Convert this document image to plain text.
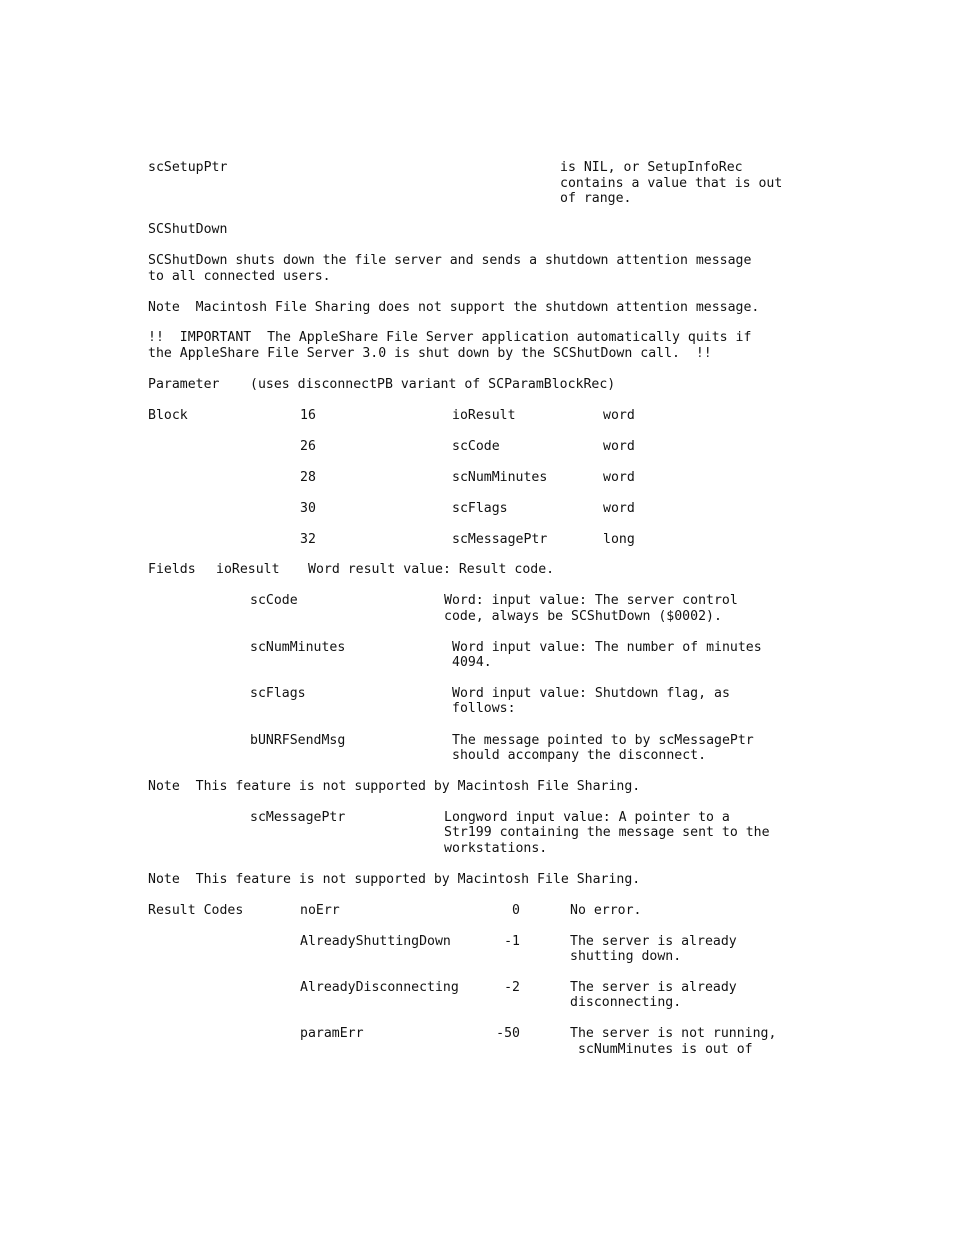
scSetupPtr	is NIL, or SetupInfoRec
contains a value that is out
of range.
SCShutDown
SCShutDown shuts down the file server and sends a shutdown attention message
to all connected users.
Note  Macintosh File Sharing does not support the shutdown attention message.
!!  IMPORTANT  The AppleShare File Server application automatically quits if
the AppleShare File Server 3.0 is shut down by the SCShutDown call.  !!
Parameter (uses disconnectPB variant of SCParamBlockRec)
Block	16	ioResult	word
26	scCode	word
28	scNumMinutes	word
30	scFlags	word
32	scMessagePtr	long
Fields ioResult Word result value: Result code.
scCode	Word: input value: The server control
code, always be SCShutDown ($0002).
scNumMinutes	Word input value: The number of minutes
4094.
scFlags	Word input value: Shutdown flag, as
follows:
bUNRFSendMsg	The message pointed to by scMessagePtr
should accompany the disconnect.
Note  This feature is not supported by Macintosh File Sharing.
scMessagePtr	Longword input value: A pointer to a
Str199 containing the message sent to the
workstations.
Note  This feature is not supported by Macintosh File Sharing.
Result Codes	noErr	0	No error.
AlreadyShuttingDown	-1	The server is already
shutting down.
AlreadyDisconnecting	-2	The server is already
disconnecting.
paramErr	-50	The server is not running,
scNumMinutes is out of
